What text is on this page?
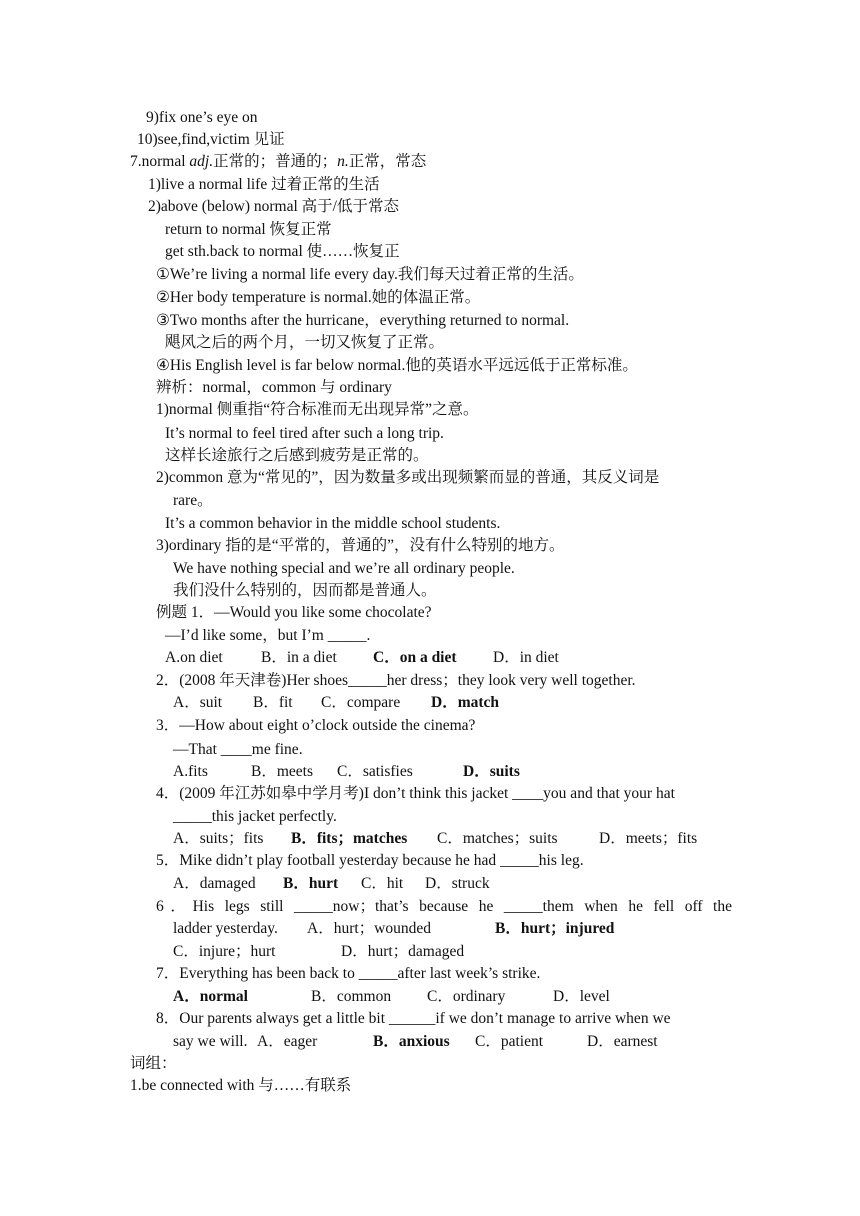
9)fix one’s eye on
10)see,find,victim 见证
7.normal adj.正常的；普通的；n.正常，常态
1)live a normal life 过着正常的生活
2)above (below) normal 高于/低于常态
return to normal 恢复正常
get sth.back to normal 使……恢复正
①We’re living a normal life every day.我们每天过着正常的生活。
②Her body temperature is normal.她的体温正常。
③Two months after the hurricane，everything returned to normal.
飓风之后的两个月，一切又恢复了正常。
④His English level is far below normal.他的英语水平远远低于正常标准。
辨析：normal，common 与 ordinary
1)normal 侧重指“符合标准而无出现异常”之意。
It’s normal to feel tired after such a long trip.
这样长途旅行之后感到疲劳是正常的。
2)common 意为“常见的”，因为数量多或出现频繁而显的普通，其反义词是
rare。
It’s a common behavior in the middle school students.
3)ordinary 指的是“平常的，普通的”，没有什么特别的地方。
We have nothing special and we’re all ordinary people.
我们没什么特别的，因而都是普通人。
例题 1．—Would you like some chocolate?
—I’d like some，but I’m _____.
A.on diet B．in a diet C．on a diet D．in diet
2．(2008 年天津卷)Her shoes_____her dress；they look very well together.
A．suit B．fit C．compare D．match
3．—How about eight o’clock outside the cinema?
—That ____me fine.
A.fits	B．meets C．satisfies	D．suits
4．(2009 年江苏如皋中学月考)I don’t think this jacket ____you and that your hat
_____this jacket perfectly.
A．suits；fits B．fits；matches C．matches；suits	D．meets；fits
5．Mike didn’t play football yesterday because he had _____his leg.
A．damaged B．hurt C．hit D．struck
6．His legs still _____now；that’s because he _____them when he fell off the
ladder yesterday. A．hurt；wounded	B．hurt；injured
C．injure；hurt	D．hurt；damaged
7．Everything has been back to _____after last week’s strike.
A．normal	B．common C．ordinary	D．level
8．Our parents always get a little bit ______if we don’t manage to arrive when we
say we will. A．eager	B．anxious C．patient	D．earnest
词组：
1.be connected with 与……有联系
